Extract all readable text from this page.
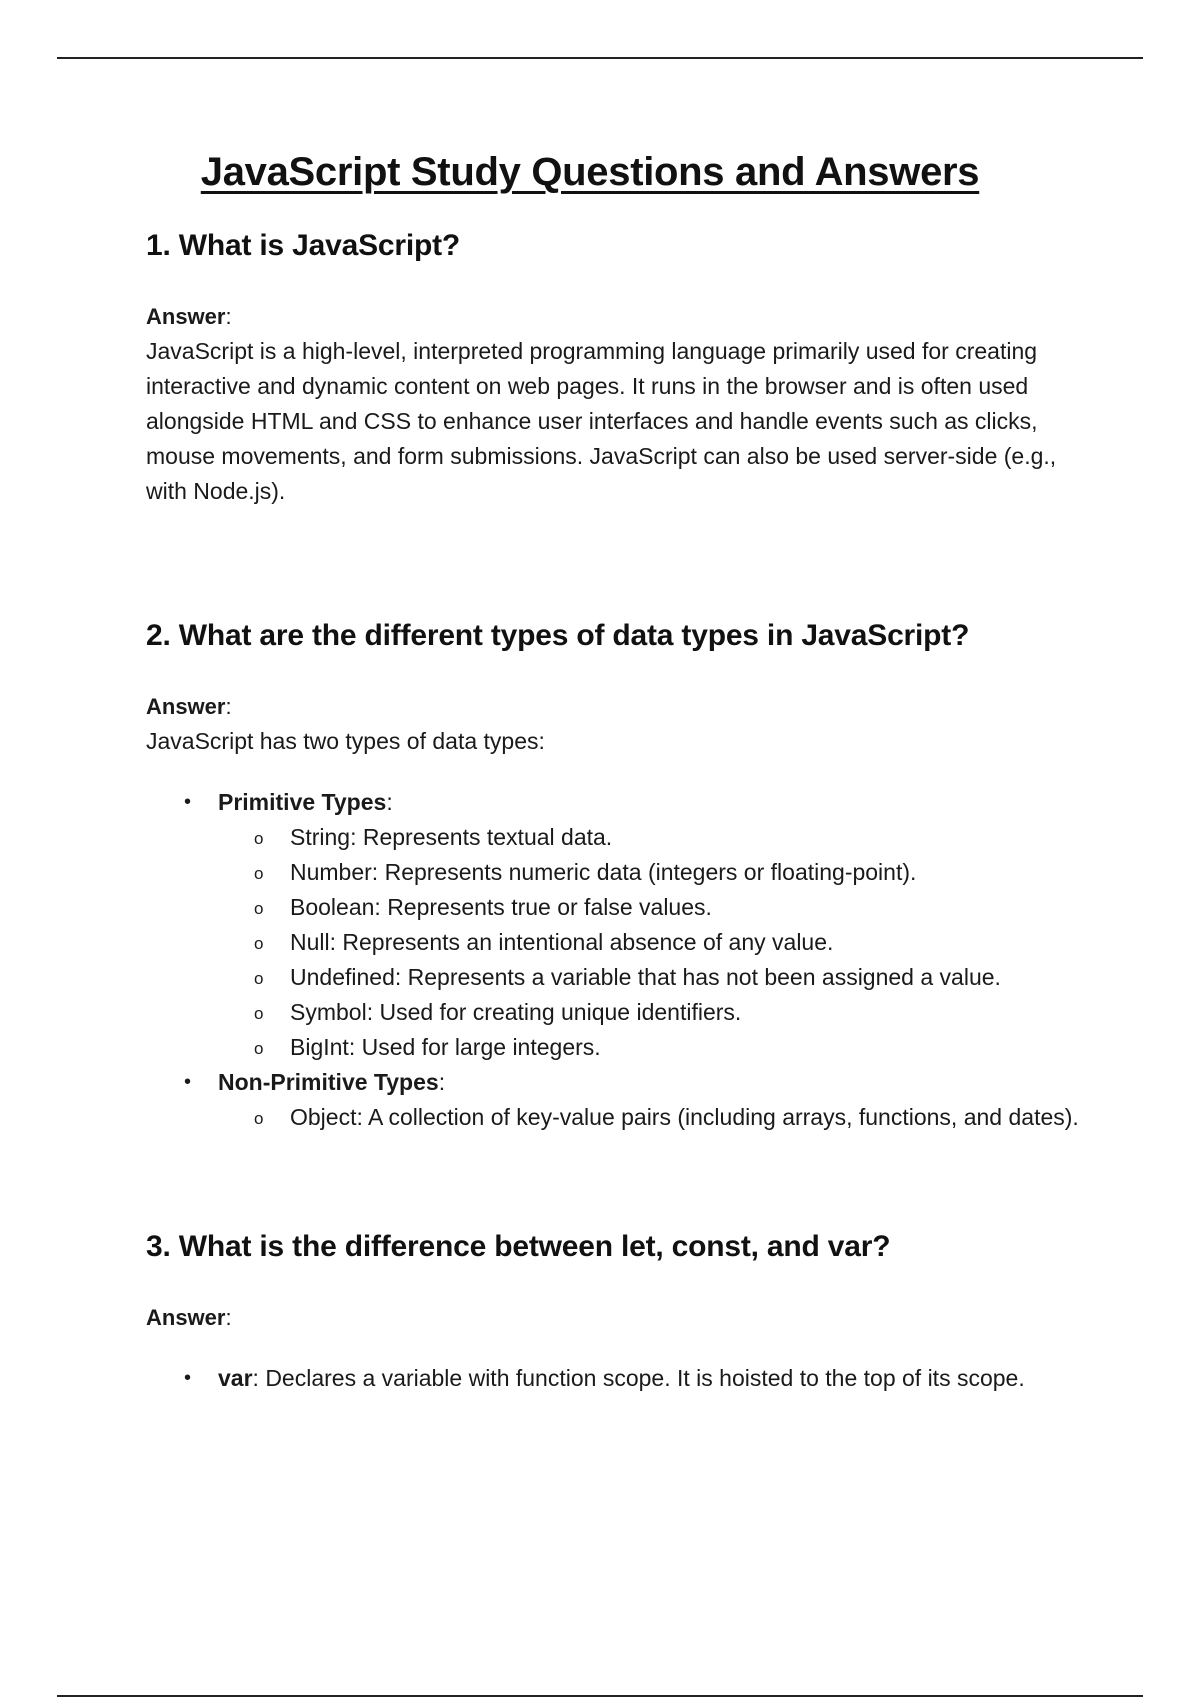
JavaScript Study Questions and Answers
1. What is JavaScript?

Answer:

JavaScript is a high-level, interpreted programming language primarily used for creating interactive and dynamic content on web pages. It runs in the browser and is often used alongside HTML and CSS to enhance user interfaces and handle events such as clicks, mouse movements, and form submissions. JavaScript can also be used server-side (e.g., with Node.js).

2. What are the different types of data types in JavaScript?

Answer:

JavaScript has two types of data types:

• Primitive Types:
o String: Represents textual data.
o Number: Represents numeric data (integers or floating-point).
o Boolean: Represents true or false values.
o Null: Represents an intentional absence of any value.
o Undefined: Represents a variable that has not been assigned a value.
o Symbol: Used for creating unique identifiers.
o BigInt: Used for large integers.
• Non-Primitive Types:
o Object: A collection of key-value pairs (including arrays, functions, and dates).
3. What is the difference between let, const, and var?

Answer:

• var: Declares a variable with function scope. It is hoisted to the top of its scope.
